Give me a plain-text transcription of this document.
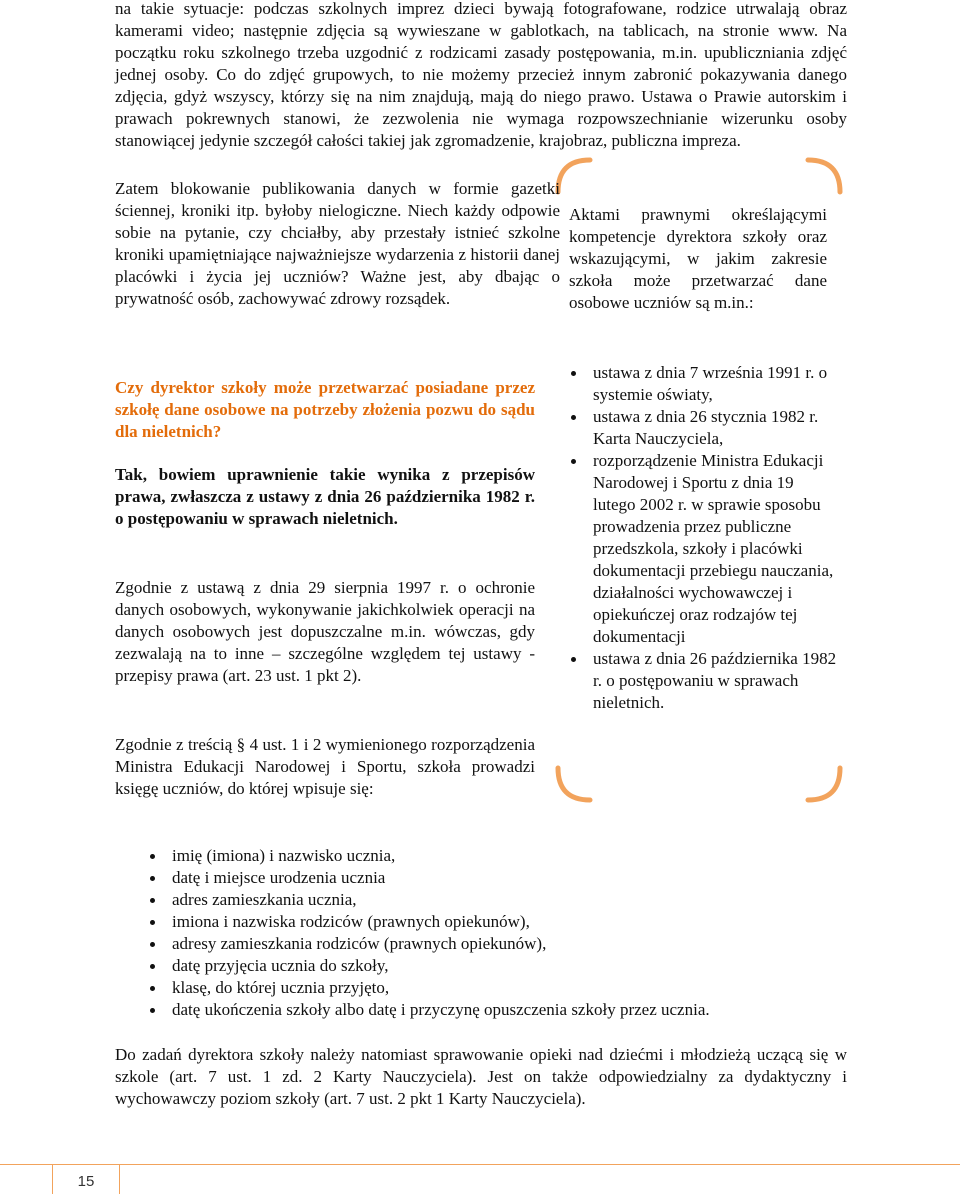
na takie sytuacje: podczas szkolnych imprez dzieci bywają fotografowane, rodzice utrwalają obraz kamerami video; następnie zdjęcia są wywieszane w gablotkach, na tablicach, na stronie www. Na początku roku szkolnego trzeba uzgodnić z rodzicami zasady postępowania, m.in. upubliczniania zdjęć jednej osoby. Co do zdjęć grupowych, to nie możemy przecież innym zabronić pokazywania danego zdjęcia, gdyż wszyscy, którzy się na nim znajdują, mają do niego prawo. Ustawa o Prawie autorskim i prawach pokrewnych stanowi, że zezwolenia nie wymaga rozpowszechnianie wizerunku osoby stanowiącej jedynie szczegół całości takiej jak zgromadzenie, krajobraz, publiczna impreza.

Zatem blokowanie publikowania danych w formie gazetki ściennej, kroniki itp. byłoby nielogiczne. Niech każdy odpowie sobie na pytanie, czy chciałby, aby przestały istnieć szkolne kroniki upamiętniające najważniejsze wydarzenia z historii danej placówki i życia jej uczniów? Ważne jest, aby dbając o prywatność osób, zachowywać zdrowy rozsądek.

Aktami prawnymi określającymi kompetencje dyrektora szkoły oraz wskazującymi, w jakim zakresie szkoła może przetwarzać dane osobowe uczniów są m.in.:

ustawa z dnia 7 września 1991 r. o systemie oświaty,
ustawa z dnia 26 stycznia 1982 r. Karta Nauczyciela,
rozporządzenie Ministra Edukacji Narodowej i Sportu z dnia 19 lutego 2002 r. w sprawie sposobu prowadzenia przez publiczne przedszkola, szkoły i placówki dokumentacji przebiegu nauczania, działalności wychowawczej i opiekuńczej oraz rodzajów tej dokumentacji
ustawa z dnia 26 października 1982 r. o postępowaniu w sprawach nieletnich.

Czy dyrektor szkoły może przetwarzać posiadane przez szkołę dane osobowe na potrzeby złożenia pozwu do sądu dla nieletnich?

Tak, bowiem uprawnienie takie wynika z przepisów prawa, zwłaszcza z ustawy z dnia 26 października 1982 r. o postępowaniu w sprawach nieletnich.

Zgodnie z ustawą z dnia 29 sierpnia 1997 r. o ochronie danych osobowych, wykonywanie jakichkolwiek operacji na danych osobowych jest dopuszczalne m.in. wówczas, gdy zezwalają na to inne – szczególne względem tej ustawy - przepisy prawa (art. 23 ust. 1 pkt 2).

Zgodnie z treścią § 4 ust. 1 i 2 wymienionego rozporządzenia Ministra Edukacji Narodowej i Sportu, szkoła prowadzi księgę uczniów, do której wpisuje się:

imię (imiona) i nazwisko ucznia,
datę i miejsce urodzenia ucznia
adres zamieszkania ucznia,
imiona i nazwiska rodziców (prawnych opiekunów),
adresy zamieszkania rodziców (prawnych opiekunów),
datę przyjęcia ucznia do szkoły,
klasę, do której ucznia przyjęto,
datę ukończenia szkoły albo datę i przyczynę opuszczenia szkoły przez ucznia.

Do zadań dyrektora szkoły należy natomiast sprawowanie opieki nad dziećmi i młodzieżą uczącą się w szkole (art. 7 ust. 1 zd. 2 Karty Nauczyciela). Jest on także odpowiedzialny za dydaktyczny i wychowawczy poziom szkoły (art. 7 ust. 2 pkt 1 Karty Nauczyciela).

15
